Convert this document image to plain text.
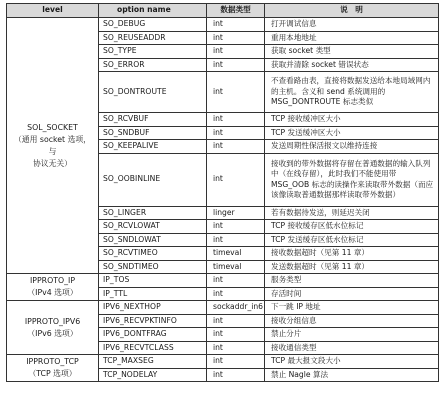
level	option name	数据类型	说　明

SOL_SOCKET
（通用 socket 选项，与
协议无关）	SO_DEBUG	int	打开调试信息
	SO_REUSEADDR	int	重用本地地址
	SO_TYPE	int	获取 socket 类型
	SO_ERROR	int	获取并清除 socket 错误状态
	SO_DONTROUTE	int	不查看路由表，直接将数据发送给本地局域网内的主机。含义和 send 系统调用的 MSG_DONTROUTE 标志类似
	SO_RCVBUF	int	TCP 接收缓冲区大小
	SO_SNDBUF	int	TCP 发送缓冲区大小
	SO_KEEPALIVE	int	发送周期性保活报文以维持连接
	SO_OOBINLINE	int	接收到的带外数据将存留在普通数据的输入队列中（在线存留），此时我们不能使用带 MSG_OOB 标志的读操作来读取带外数据（而应该像读取普通数据那样读取带外数据）
	SO_LINGER	linger	若有数据待发送，则延迟关闭
	SO_RCVLOWAT	int	TCP 接收缓存区低水位标记
	SO_SNDLOWAT	int	TCP 发送缓存区低水位标记
	SO_RCVTIMEO	timeval	接收数据超时（见第 11 章）
	SO_SNDTIMEO	timeval	发送数据超时（见第 11 章）

IPPROTO_IP
（IPv4 选项）	IP_TOS	int	服务类型
	IP_TTL	int	存活时间

IPPROTO_IPV6
（IPv6 选项）	IPV6_NEXTHOP	sockaddr_in6	下一跳 IP 地址
	IPV6_RECVPKTINFO	int	接收分组信息
	IPV6_DONTFRAG	int	禁止分片
	IPV6_RECVTCLASS	int	接收通信类型

IPPROTO_TCP
（TCP 选项）	TCP_MAXSEG	int	TCP 最大报文段大小
	TCP_NODELAY	int	禁止 Nagle 算法
